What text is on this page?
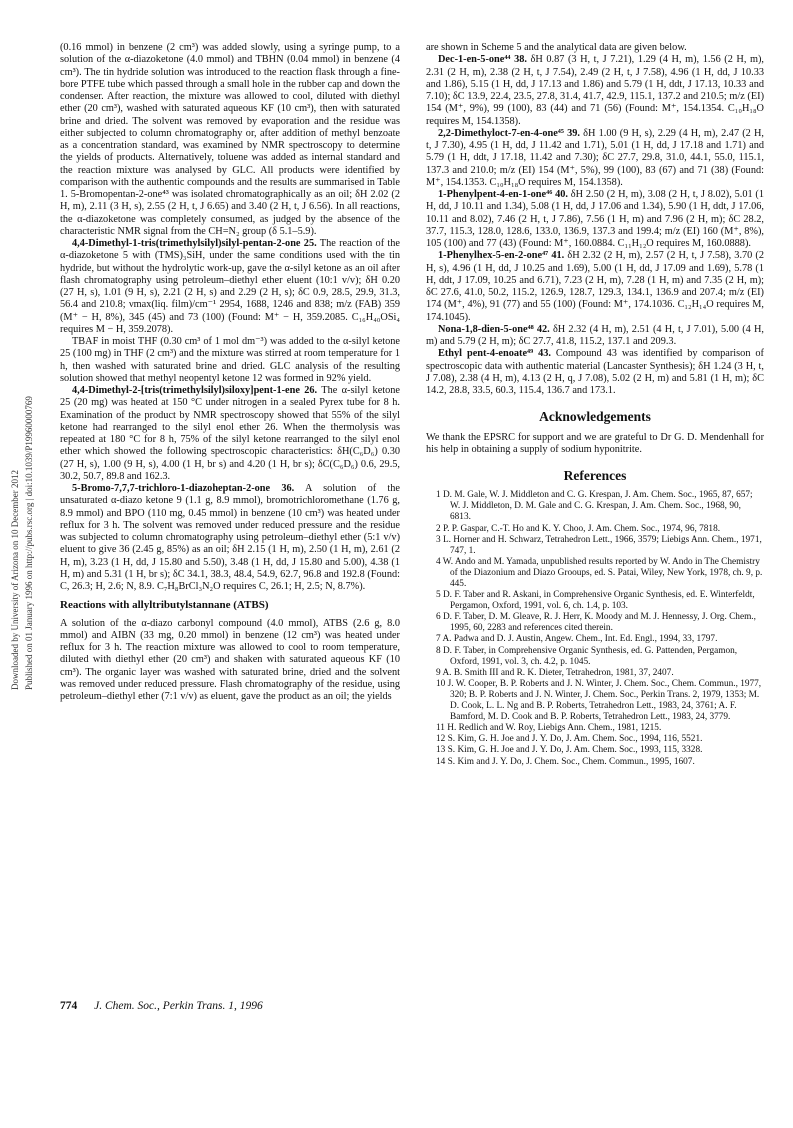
Downloaded by University of Arizona on 10 December 2012 Published on 01 January 1996 on http://pubs.rsc.org | doi:10.1039/P19960000769

(0.16 mmol) in benzene (2 cm³) was added slowly, using a syringe pump, to a solution of the α-diazoketone (4.0 mmol) and TBHN (0.04 mmol) in benzene (4 cm³). The tin hydride solution was introduced to the reaction flask through a fine-bore PTFE tube which passed through a small hole in the rubber cap and down the condenser. After reaction, the mixture was allowed to cool, diluted with diethyl ether (20 cm³), washed with saturated aqueous KF (10 cm³), then with saturated brine and dried. The solvent was removed by evaporation and the residue was either subjected to column chromatography or, after addition of methyl benzoate as a concentration standard, was examined by NMR spectroscopy to determine the yields of products. Alternatively, toluene was added as internal standard and the reaction mixture was analysed by GLC. All products were identified by comparison with the authentic compounds and the results are summarised in Table 1. 5-Bromopentan-2-one⁴³ was isolated chromatographically as an oil; δH 2.02 (2 H, m), 2.11 (3 H, s), 2.55 (2 H, t, J 6.65) and 3.40 (2 H, t, J 6.56). In all reactions, the α-diazoketone was completely consumed, as judged by the absence of the characteristic NMR signal from the CH=N₂ group (δ 5.1–5.9).

4,4-Dimethyl-1-tris(trimethylsilyl)silyl-pentan-2-one 25. The reaction of the α-diazoketone 5 with (TMS)₃SiH, under the same conditions used with the tin hydride, but without the hydrolytic work-up, gave the α-silyl ketone as an oil after flash chromatography using petroleum–diethyl ether eluent (10:1 v/v); δH 0.20 (27 H, s), 1.01 (9 H, s), 2.21 (2 H, s) and 2.29 (2 H, s); δC 0.9, 28.5, 29.9, 31.3, 56.4 and 210.8; νmax(liq. film)/cm⁻¹ 2954, 1688, 1246 and 838; m/z (FAB) 359 (M⁺ − H, 8%), 345 (45) and 73 (100) (Found: M⁺ − H, 359.2085. C₁₆H₄₀OSi₄ requires M − H, 359.2078).

TBAF in moist THF (0.30 cm³ of 1 mol dm⁻³) was added to the α-silyl ketone 25 (100 mg) in THF (2 cm³) and the mixture was stirred at room temperature for 1 h, then washed with saturated brine and dried. GLC analysis of the resulting solution showed that methyl neopentyl ketone 12 was formed in 92% yield.

4,4-Dimethyl-2-[tris(trimethylsilyl)siloxy]pent-1-ene 26. The α-silyl ketone 25 (20 mg) was heated at 150 °C under nitrogen in a sealed Pyrex tube for 8 h. Examination of the product by NMR spectroscopy showed that 55% of the silyl ketone had rearranged to the silyl enol ether 26. When the thermolysis was repeated at 180 °C for 8 h, 75% of the silyl ketone rearranged to the silyl enol ether which showed the following spectroscopic characteristics: δH(C₆D₆) 0.30 (27 H, s), 1.00 (9 H, s), 4.00 (1 H, br s) and 4.20 (1 H, br s); δC(C₆D₆) 0.6, 29.5, 30.2, 50.7, 89.8 and 162.3.

5-Bromo-7,7,7-trichloro-1-diazoheptan-2-one 36. A solution of the unsaturated α-diazo ketone 9 (1.1 g, 8.9 mmol), bromotrichloromethane (1.76 g, 8.9 mmol) and BPO (110 mg, 0.45 mmol) in benzene (10 cm³) was heated under reflux for 3 h. The solvent was removed under reduced pressure and the residue was subjected to column chromatography using petroleum–diethyl ether (5:1 v/v) eluent to give 36 (2.45 g, 85%) as an oil; δH 2.15 (1 H, m), 2.50 (1 H, m), 2.61 (2 H, m), 3.23 (1 H, dd, J 15.80 and 5.50), 3.48 (1 H, dd, J 15.80 and 5.00), 4.38 (1 H, m) and 5.31 (1 H, br s); δC 34.1, 38.3, 48.4, 54.9, 62.7, 96.8 and 192.8 (Found: C, 26.3; H, 2.6; N, 8.9. C₇H₈BrCl₃N₂O requires C, 26.1; H, 2.5; N, 8.7%).

Reactions with allyltributylstannane (ATBS)

A solution of the α-diazo carbonyl compound (4.0 mmol), ATBS (2.6 g, 8.0 mmol) and AIBN (33 mg, 0.20 mmol) in benzene (12 cm³) was heated under reflux for 3 h. The reaction mixture was allowed to cool to room temperature, diluted with diethyl ether (20 cm³) and shaken with saturated aqueous KF (10 cm³). The organic layer was washed with saturated brine, dried and the solvent was removed under reduced pressure. Flash chromatography of the residue, using petroleum–diethyl ether (7:1 v/v) as eluent, gave the product as an oil; the yields

are shown in Scheme 5 and the analytical data are given below.

Dec-1-en-5-one⁴⁴ 38. δH 0.87 (3 H, t, J 7.21), 1.29 (4 H, m), 1.56 (2 H, m), 2.31 (2 H, m), 2.38 (2 H, t, J 7.54), 2.49 (2 H, t, J 7.58), 4.96 (1 H, dd, J 10.33 and 1.86), 5.15 (1 H, dd, J 17.13 and 1.86) and 5.79 (1 H, ddt, J 17.13, 10.33 and 7.10); δC 13.9, 22.4, 23.5, 27.8, 31.4, 41.7, 42.9, 115.1, 137.2 and 210.5; m/z (EI) 154 (M⁺, 9%), 99 (100), 83 (44) and 71 (56) (Found: M⁺, 154.1354. C₁₀H₁₈O requires M, 154.1358).

2,2-Dimethyloct-7-en-4-one⁴⁵ 39. δH 1.00 (9 H, s), 2.29 (4 H, m), 2.47 (2 H, t, J 7.30), 4.95 (1 H, dd, J 11.42 and 1.71), 5.01 (1 H, dd, J 17.18 and 1.71) and 5.79 (1 H, ddt, J 17.18, 11.42 and 7.30); δC 27.7, 29.8, 31.0, 44.1, 55.0, 115.1, 137.3 and 210.0; m/z (EI) 154 (M⁺, 5%), 99 (100), 83 (67) and 71 (38) (Found: M⁺, 154.1353. C₁₀H₁₈O requires M, 154.1358).

1-Phenylpent-4-en-1-one⁴⁶ 40. δH 2.50 (2 H, m), 3.08 (2 H, t, J 8.02), 5.01 (1 H, dd, J 10.11 and 1.34), 5.08 (1 H, dd, J 17.06 and 1.34), 5.90 (1 H, ddt, J 17.06, 10.11 and 8.02), 7.46 (2 H, t, J 7.86), 7.56 (1 H, m) and 7.96 (2 H, m); δC 28.2, 37.7, 115.3, 128.0, 128.6, 133.0, 136.9, 137.3 and 199.4; m/z (EI) 160 (M⁺, 8%), 105 (100) and 77 (43) (Found: M⁺, 160.0884. C₁₁H₁₂O requires M, 160.0888).

1-Phenylhex-5-en-2-one⁴⁷ 41. δH 2.32 (2 H, m), 2.57 (2 H, t, J 7.58), 3.70 (2 H, s), 4.96 (1 H, dd, J 10.25 and 1.69), 5.00 (1 H, dd, J 17.09 and 1.69), 5.78 (1 H, ddt, J 17.09, 10.25 and 6.71), 7.23 (2 H, m), 7.28 (1 H, m) and 7.35 (2 H, m); δC 27.6, 41.0, 50.2, 115.2, 126.9, 128.7, 129.3, 134.1, 136.9 and 207.4; m/z (EI) 174 (M⁺, 4%), 91 (77) and 55 (100) (Found: M⁺, 174.1036. C₁₂H₁₄O requires M, 174.1045).

Nona-1,8-dien-5-one⁴⁸ 42. δH 2.32 (4 H, m), 2.51 (4 H, t, J 7.01), 5.00 (4 H, m) and 5.79 (2 H, m); δC 27.7, 41.8, 115.2, 137.1 and 209.3.

Ethyl pent-4-enoate⁴⁹ 43. Compound 43 was identified by comparison of spectroscopic data with authentic material (Lancaster Synthesis); δH 1.24 (3 H, t, J 7.08), 2.38 (4 H, m), 4.13 (2 H, q, J 7.08), 5.02 (2 H, m) and 5.81 (1 H, m); δC 14.2, 28.8, 33.5, 60.3, 115.4, 136.7 and 173.1.

Acknowledgements

We thank the EPSRC for support and we are grateful to Dr G. D. Mendenhall for his help in obtaining a supply of sodium hyponitrite.

References

1 D. M. Gale, W. J. Middleton and C. G. Krespan, J. Am. Chem. Soc., 1965, 87, 657; W. J. Middleton, D. M. Gale and C. G. Krespan, J. Am. Chem. Soc., 1968, 90, 6813.

2 P. P. Gaspar, C.-T. Ho and K. Y. Choo, J. Am. Chem. Soc., 1974, 96, 7818.

3 L. Horner and H. Schwarz, Tetrahedron Lett., 1966, 3579; Liebigs Ann. Chem., 1971, 747, 1.

4 W. Ando and M. Yamada, unpublished results reported by W. Ando in The Chemistry of the Diazonium and Diazo Grooups, ed. S. Patai, Wiley, New York, 1978, ch. 9, p. 445.

5 D. F. Taber and R. Askani, in Comprehensive Organic Synthesis, ed. E. Winterfeldt, Pergamon, Oxford, 1991, vol. 6, ch. 1.4, p. 103.

6 D. F. Taber, D. M. Gleave, R. J. Herr, K. Moody and M. J. Hennessy, J. Org. Chem., 1995, 60, 2283 and references cited therein.

7 A. Padwa and D. J. Austin, Angew. Chem., Int. Ed. Engl., 1994, 33, 1797.

8 D. F. Taber, in Comprehensive Organic Synthesis, ed. G. Pattenden, Pergamon, Oxford, 1991, vol. 3, ch. 4.2, p. 1045.

9 A. B. Smith III and R. K. Dieter, Tetrahedron, 1981, 37, 2407.

10 J. W. Cooper, B. P. Roberts and J. N. Winter, J. Chem. Soc., Chem. Commun., 1977, 320; B. P. Roberts and J. N. Winter, J. Chem. Soc., Perkin Trans. 2, 1979, 1353; M. D. Cook, L. L. Ng and B. P. Roberts, Tetrahedron Lett., 1983, 24, 3761; A. F. Bamford, M. D. Cook and B. P. Roberts, Tetrahedron Lett., 1983, 24, 3779.

11 H. Redlich and W. Roy, Liebigs Ann. Chem., 1981, 1215.

12 S. Kim, G. H. Joe and J. Y. Do, J. Am. Chem. Soc., 1994, 116, 5521.

13 S. Kim, G. H. Joe and J. Y. Do, J. Am. Chem. Soc., 1993, 115, 3328.

14 S. Kim and J. Y. Do, J. Chem. Soc., Chem. Commun., 1995, 1607.

774 J. Chem. Soc., Perkin Trans. 1, 1996
